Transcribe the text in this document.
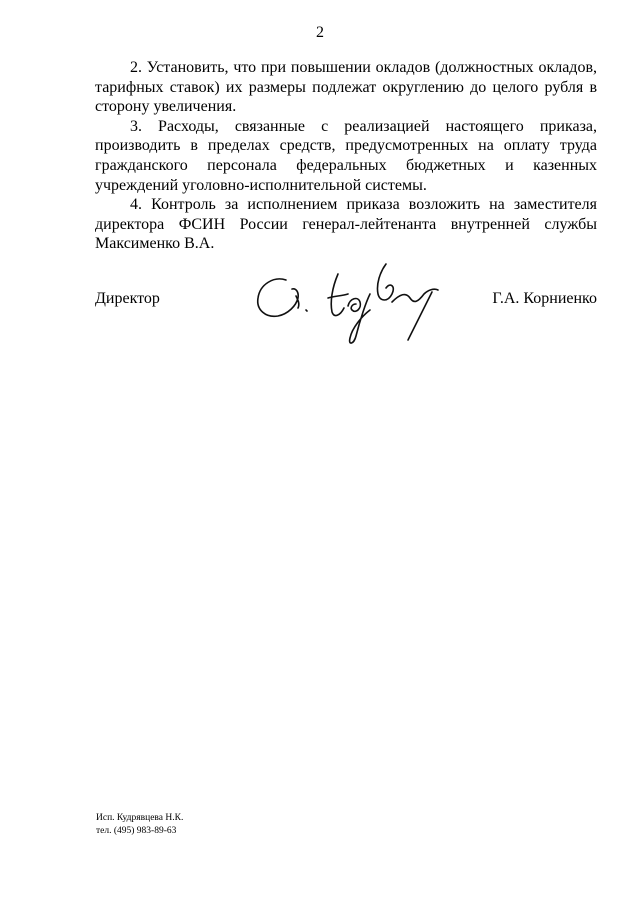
2

2. Установить, что при повышении окладов (должностных окладов, тарифных ставок) их размеры подлежат округлению до целого рубля в сторону увеличения.

3. Расходы, связанные с реализацией настоящего приказа, производить в пределах средств, предусмотренных на оплату труда гражданского персонала федеральных бюджетных и казенных учреждений уголовно-исполнительной системы.

4. Контроль за исполнением приказа возложить на заместителя директора ФСИН России генерал-лейтенанта внутренней службы Максименко В.А.

Директор	Г.А. Корниенко
Исп. Кудрявцева Н.К.
тел. (495) 983-89-63
